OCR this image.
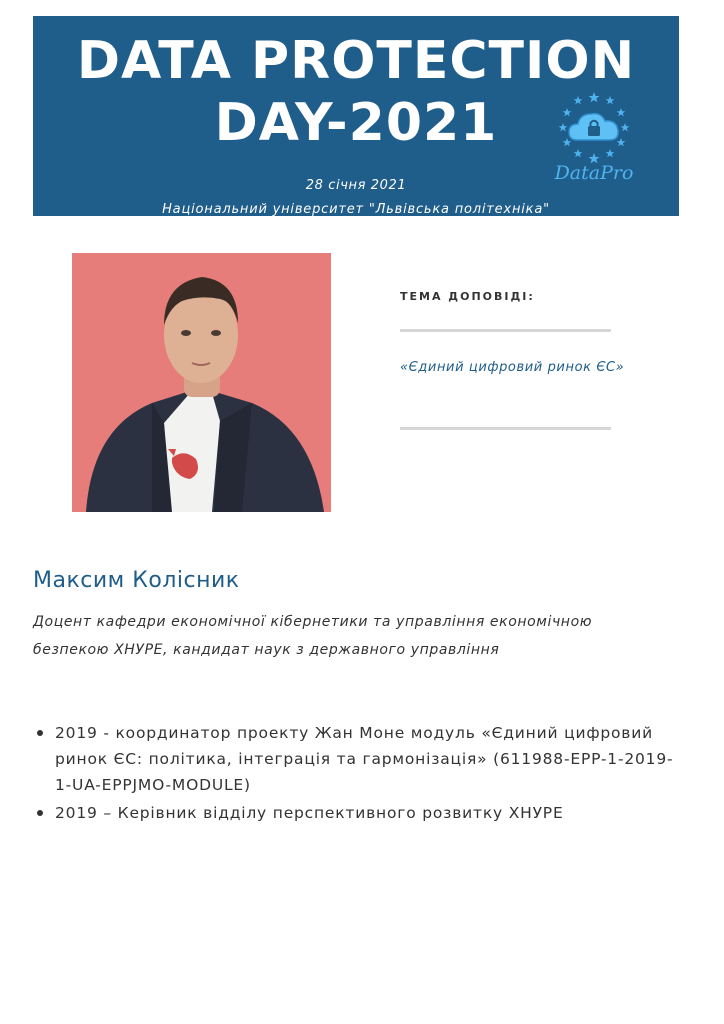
DATA PROTECTION
DAY-2021
DataPro
28 січня 2021
Національний університет "Львівська політехніка"
ТЕМА ДОПОВІДІ:
«Єдиний цифровий ринок ЄС»
Максим Колісник
Доцент кафедри економічної кібернетики та управління економічною
безпекою ХНУРЕ, кандидат наук з державного управління
2019 - координатор проекту Жан Моне модуль «Єдиний цифровий
ринок ЄС: політика, інтеграція та гармонізація» (611988-EPP-1-2019-
1-UA-EPPJMO-MODULE)
2019 – Керівник відділу перспективного розвитку ХНУРЕ
